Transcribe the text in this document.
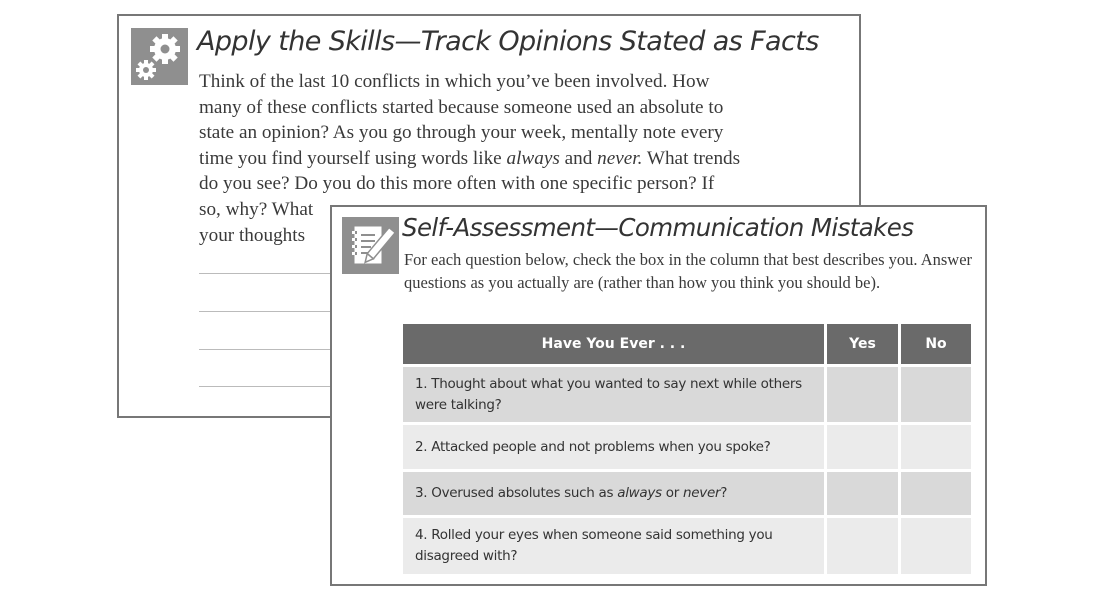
Apply the Skills—Track Opinions Stated as Facts
Think of the last 10 conflicts in which you’ve been involved. How
many of these conflicts started because someone used an absolute to
state an opinion? As you go through your week, mentally note every
time you find yourself using words like always and never. What trends
do you see? Do you do this more often with one specific person? If
so, why? What
your thoughts	Self-Assessment—Communication Mistakes
For each question below, check the box in the column that best describes you. Answer questions as you actually are (rather than how you think you should be).
Have You Ever . . .	Yes	No
1. Thought about what you wanted to say next while others were talking?		
2. Attacked people and not problems when you spoke?		
3. Overused absolutes such as always or never?		
4. Rolled your eyes when someone said something you disagreed with?		
